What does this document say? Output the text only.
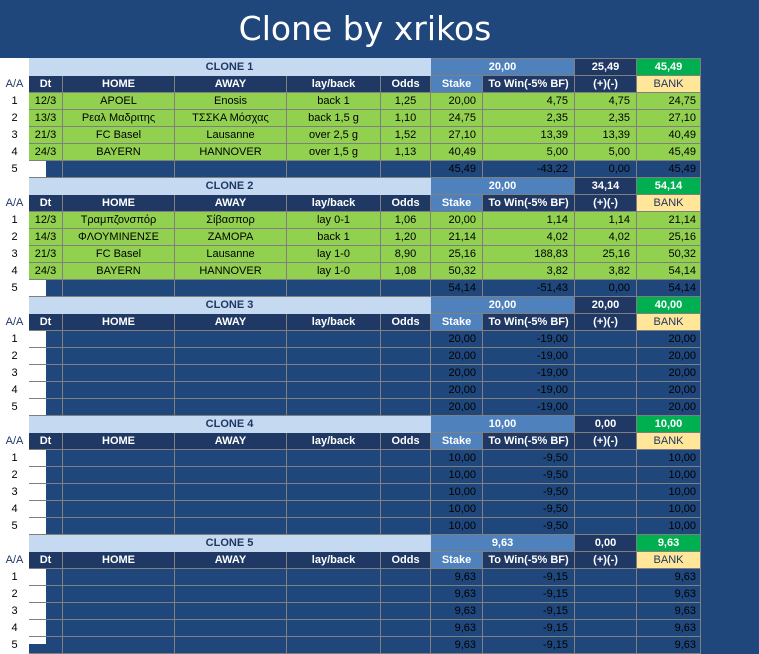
Clone by xrikos
	CLONE 1					20,00		25,49	45,49
A/A	Dt	HOME	AWAY	lay/back	Odds	Stake	To Win(-5% BF)	(+)(-)	BANK
1	12/3	APOEL	Enosis	back 1	1,25	20,00	4,75	4,75	24,75
2	13/3	Ρεαλ Μαδριτης	ΤΣΣΚΑ Μόσχας	back 1,5 g	1,10	24,75	2,35	2,35	27,10
3	21/3	FC Basel	Lausanne	over 2,5 g	1,52	27,10	13,39	13,39	40,49
4	24/3	BAYERN	HANNOVER	over 1,5 g	1,13	40,49	5,00	5,00	45,49
5						45,49	-43,22	0,00	45,49
	CLONE 2					20,00		34,14	54,14
A/A	Dt	HOME	AWAY	lay/back	Odds	Stake	To Win(-5% BF)	(+)(-)	BANK
1	12/3	Τραμπζονσπόρ	Σίβασπορ	lay 0-1	1,06	20,00	1,14	1,14	21,14
2	14/3	ΦΛΟΥΜΙΝΕΝΣΕ	ΖΑΜΟΡΑ	back 1	1,20	21,14	4,02	4,02	25,16
3	21/3	FC Basel	Lausanne	lay 1-0	8,90	25,16	188,83	25,16	50,32
4	24/3	BAYERN	HANNOVER	lay 1-0	1,08	50,32	3,82	3,82	54,14
5						54,14	-51,43	0,00	54,14
	CLONE 3					20,00		20,00	40,00
A/A	Dt	HOME	AWAY	lay/back	Odds	Stake	To Win(-5% BF)	(+)(-)	BANK
1						20,00	-19,00		20,00
2						20,00	-19,00		20,00
3						20,00	-19,00		20,00
4						20,00	-19,00		20,00
5						20,00	-19,00		20,00
	CLONE 4					10,00		0,00	10,00
A/A	Dt	HOME	AWAY	lay/back	Odds	Stake	To Win(-5% BF)	(+)(-)	BANK
1						10,00	-9,50		10,00
2						10,00	-9,50		10,00
3						10,00	-9,50		10,00
4						10,00	-9,50		10,00
5						10,00	-9,50		10,00
	CLONE 5					9,63		0,00	9,63
A/A	Dt	HOME	AWAY	lay/back	Odds	Stake	To Win(-5% BF)	(+)(-)	BANK
1						9,63	-9,15		9,63
2						9,63	-9,15		9,63
3						9,63	-9,15		9,63
4						9,63	-9,15		9,63
5						9,63	-9,15		9,63
